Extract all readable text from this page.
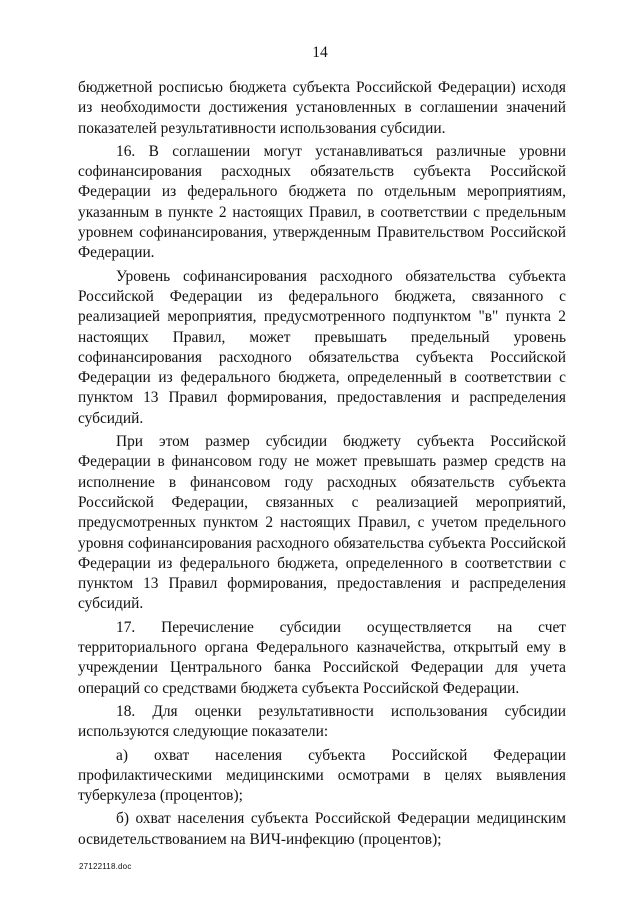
14

бюджетной росписью бюджета субъекта Российской Федерации) исходя из необходимости достижения установленных в соглашении значений показателей результативности использования субсидии.

16. В соглашении могут устанавливаться различные уровни софинансирования расходных обязательств субъекта Российской Федерации из федерального бюджета по отдельным мероприятиям, указанным в пункте 2 настоящих Правил, в соответствии с предельным уровнем софинансирования, утвержденным Правительством Российской Федерации.

Уровень софинансирования расходного обязательства субъекта Российской Федерации из федерального бюджета, связанного с реализацией мероприятия, предусмотренного подпунктом "в" пункта 2 настоящих Правил, может превышать предельный уровень софинансирования расходного обязательства субъекта Российской Федерации из федерального бюджета, определенный в соответствии с пунктом 13 Правил формирования, предоставления и распределения субсидий.

При этом размер субсидии бюджету субъекта Российской Федерации в финансовом году не может превышать размер средств на исполнение в финансовом году расходных обязательств субъекта Российской Федерации, связанных с реализацией мероприятий, предусмотренных пунктом 2 настоящих Правил, с учетом предельного уровня софинансирования расходного обязательства субъекта Российской Федерации из федерального бюджета, определенного в соответствии с пунктом 13 Правил формирования, предоставления и распределения субсидий.

17. Перечисление субсидии осуществляется на счет территориального органа Федерального казначейства, открытый ему в учреждении Центрального банка Российской Федерации для учета операций со средствами бюджета субъекта Российской Федерации.

18. Для оценки результативности использования субсидии используются следующие показатели:

а) охват населения субъекта Российской Федерации профилактическими медицинскими осмотрами в целях выявления туберкулеза (процентов);

б) охват населения субъекта Российской Федерации медицинским освидетельствованием на ВИЧ-инфекцию (процентов);

27122118.doc
